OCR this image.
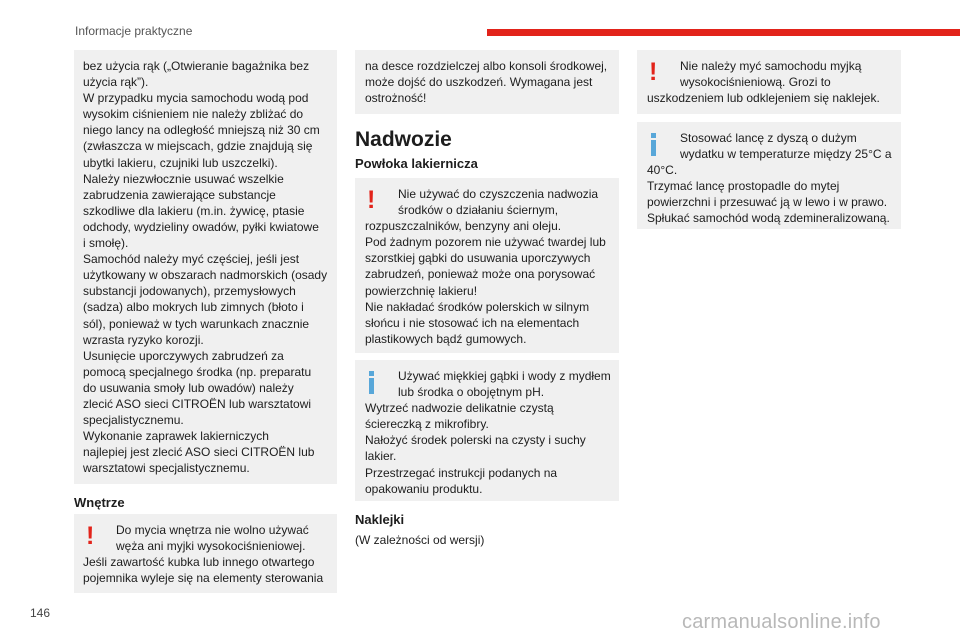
Informacje praktyczne

bez użycia rąk („Otwieranie bagażnika bez
użycia rąk”).
W przypadku mycia samochodu wodą pod
wysokim ciśnieniem nie należy zbliżać do
niego lancy na odległość mniejszą niż 30 cm
(zwłaszcza w miejscach, gdzie znajdują się
ubytki lakieru, czujniki lub uszczelki).
Należy niezwłocznie usuwać wszelkie
zabrudzenia zawierające substancje
szkodliwe dla lakieru (m.in. żywicę, ptasie
odchody, wydzieliny owadów, pyłki kwiatowe
i smołę).
Samochód należy myć częściej, jeśli jest
użytkowany w obszarach nadmorskich (osady
substancji jodowanych), przemysłowych
(sadza) albo mokrych lub zimnych (błoto i
sól), ponieważ w tych warunkach znacznie
wzrasta ryzyko korozji.
Usunięcie uporczywych zabrudzeń za
pomocą specjalnego środka (np. preparatu
do usuwania smoły lub owadów) należy
zlecić ASO sieci CITROËN lub warsztatowi
specjalistycznemu.
Wykonanie zaprawek lakierniczych
najlepiej jest zlecić ASO sieci CITROËN lub
warsztatowi specjalistycznemu.

Wnętrze
!	Do mycia wnętrza nie wolno używać
węża ani myjki wysokociśnieniowej.

Jeśli zawartość kubka lub innego otwartego
pojemnika wyleje się na elementy sterowania

na desce rozdzielczej albo konsoli środkowej,
może dojść do uszkodzeń. Wymagana jest
ostrożność!

Nadwozie
Powłoka lakiernicza
!	Nie używać do czyszczenia nadwozia
środków o działaniu ściernym,

rozpuszczalników, benzyny ani oleju.
Pod żadnym pozorem nie używać twardej lub
szorstkiej gąbki do usuwania uporczywych
zabrudzeń, ponieważ może ona porysować
powierzchnię lakieru!
Nie nakładać środków polerskich w silnym
słońcu i nie stosować ich na elementach
plastikowych bądź gumowych.

Używać miękkiej gąbki i wody z mydłem
lub środka o obojętnym pH.

Wytrzeć nadwozie delikatnie czystą
ściereczką z mikrofibry.
Nałożyć środek polerski na czysty i suchy
lakier.
Przestrzegać instrukcji podanych na
opakowaniu produktu.

Naklejki
(W zależności od wersji)
!	Nie należy myć samochodu myjką
wysokociśnieniową. Grozi to

uszkodzeniem lub odklejeniem się naklejek.

Stosować lancę z dyszą o dużym
wydatku w temperaturze między 25°C a

40°C.
Trzymać lancę prostopadle do mytej
powierzchni i przesuwać ją w lewo i w prawo.
Spłukać samochód wodą zdemineralizowaną.

146	carmanualsonline.info
